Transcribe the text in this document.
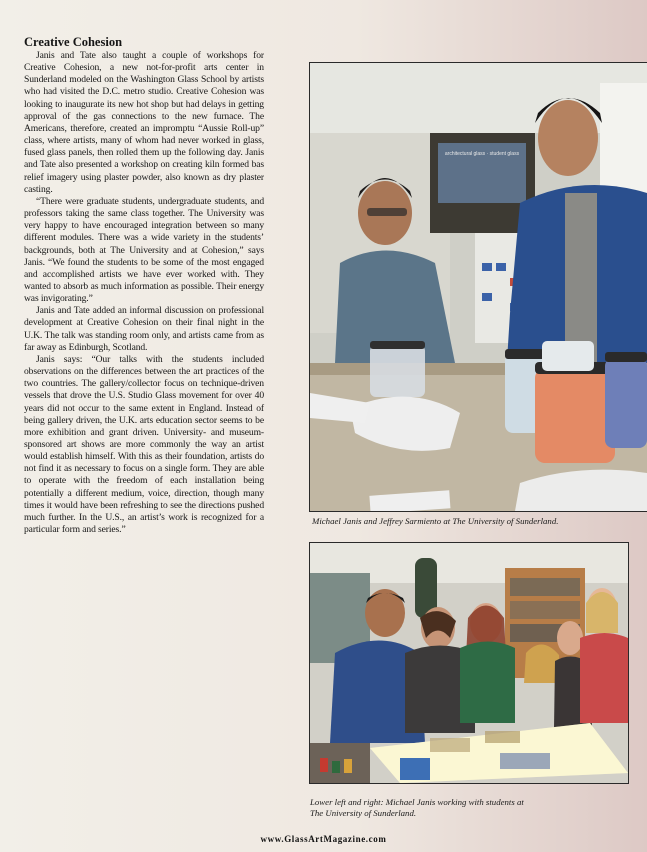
Creative Cohesion

Janis and Tate also taught a couple of workshops for Creative Cohesion, a new not-for-profit arts center in Sunderland modeled on the Washington Glass School by artists who had visited the D.C. metro studio. Creative Cohesion was looking to inaugurate its new hot shop but had delays in getting approval of the gas connections to the new furnace. The Americans, therefore, created an impromptu “Aussie Roll-up” class, where artists, many of whom had never worked in glass, fused glass panels, then rolled them up the following day. Janis and Tate also presented a workshop on creating kiln formed bas relief imagery using plaster powder, also known as dry plaster casting.

“There were graduate students, undergraduate students, and professors taking the same class together. The University was very happy to have encouraged integration between so many different modules. There was a wide variety in the students’ backgrounds, both at The University and at Cohesion,” says Janis. “We found the students to be some of the most engaged and accomplished artists we have ever worked with. They wanted to absorb as much information as possible. Their energy was invigorating.”

Janis and Tate added an informal discussion on professional development at Creative Cohesion on their final night in the U.K. The talk was standing room only, and artists came from as far away as Edinburgh, Scotland.

Janis says: “Our talks with the students included observations on the differences between the art practices of the two countries. The gallery/collector focus on technique-driven vessels that drove the U.S. Studio Glass movement for over 40 years did not occur to the same extent in England. Instead of being gallery driven, the U.K. arts education sector seems to be more exhibition and grant driven. University- and museum-sponsored art shows are more commonly the way an artist would establish himself. With this as their foundation, artists do not find it as necessary to focus on a single form. They are able to operate with the freedom of each installation being potentially a different medium, voice, direction, though many times it would have been refreshing to see the directions pushed much further. In the U.S., an artist’s work is recognized for a particular form and series.”

architectural glass · student glass
Michael Janis and Jeffrey Sarmiento at The University of Sunderland.
Lower left and right: Michael Janis working with students at The University of Sunderland.
www.GlassArtMagazine.com
